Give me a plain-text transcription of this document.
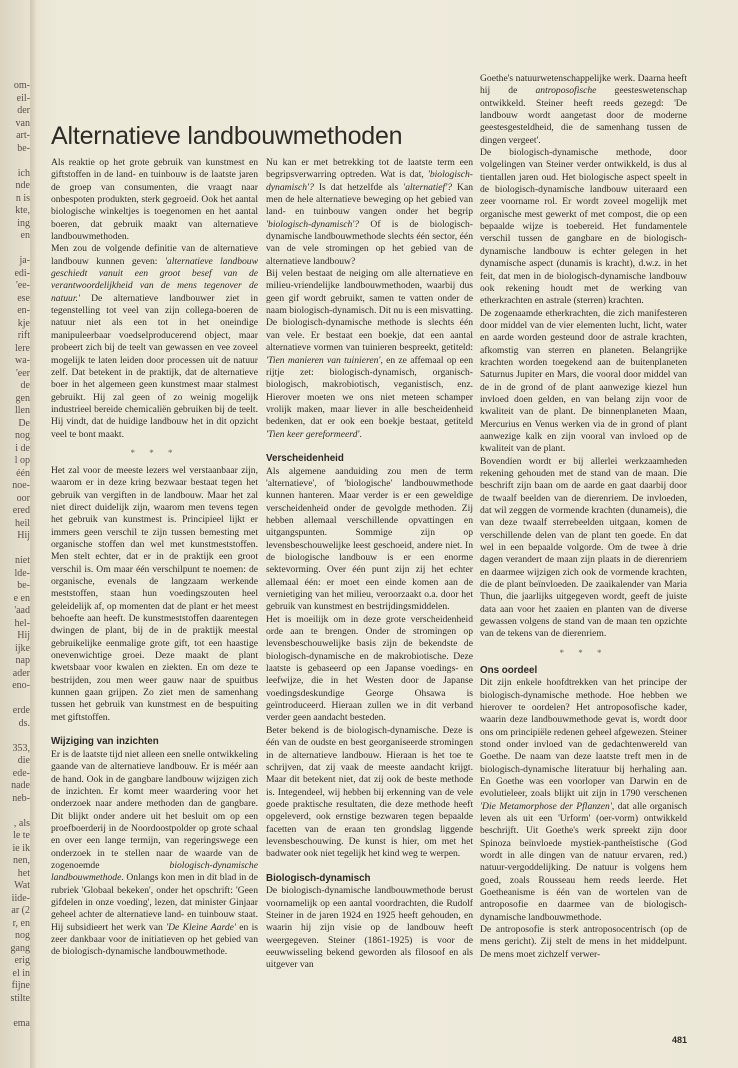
om-
eil-
der
van
art-
be-

ich
nde
n is
kte,
ing
en

ja-
edi-
'ee-
ese
en-
kje
rift
lere
wa-
'eer
de
gen
llen
De
nog
i de
l op
één
noe-
oor
ered
heil
Hij

niet
lde-
be-
e en
'aad
hel-
Hij
ijke
nap
ader
eno-

erde
ds.

353,
die
ede-
nade
neb-

, als
le te
ie ik
nen,
het
Wat
iide-
ar (2
r, en
nog
gang
erig
el in
fijne
stilte

ema
Alternatieve landbouwmethoden

Als reaktie op het grote gebruik van kunstmest en giftstoffen in de land- en tuinbouw is de laatste jaren de groep van consumenten, die vraagt naar onbespoten produkten, sterk gegroeid. Ook het aantal biologische winkeltjes is toegenomen en het aantal boeren, dat gebruik maakt van alternatieve landbouwmethoden.

Men zou de volgende definitie van de alternatieve landbouw kunnen geven: 'alternatieve landbouw geschiedt vanuit een groot besef van de verantwoordelijkheid van de mens tegenover de natuur.' De alternatieve landbouwer ziet in tegenstelling tot veel van zijn collega-boeren de natuur niet als een tot in het oneindige manipuleerbaar voedselproducerend object, maar probeert zich bij de teelt van gewassen en vee zoveel mogelijk te laten leiden door processen uit de natuur zelf. Dat betekent in de praktijk, dat de alternatieve boer in het algemeen geen kunstmest maar stalmest gebruikt. Hij zal geen of zo weinig mogelijk industrieel bereide chemicaliën gebruiken bij de teelt. Hij vindt, dat de huidige landbouw het in dit opzicht veel te bont maakt.

* * *

Het zal voor de meeste lezers wel verstaanbaar zijn, waarom er in deze kring bezwaar bestaat tegen het gebruik van vergiften in de landbouw. Maar het zal niet direct duidelijk zijn, waarom men tevens tegen het gebruik van kunstmest is. Principieel lijkt er immers geen verschil te zijn tussen bemesting met organische stoffen dan wel met kunstmeststoffen. Men stelt echter, dat er in de praktijk een groot verschil is. Om maar één verschilpunt te noemen: de organische, evenals de langzaam werkende meststoffen, staan hun voedingszouten heel geleidelijk af, op momenten dat de plant er het meest behoefte aan heeft. De kunstmeststoffen daarentegen dwingen de plant, bij de in de praktijk meestal gebruikelijke eenmalige grote gift, tot een haastige onevenwichtige groei. Deze maakt de plant kwetsbaar voor kwalen en ziekten. En om deze te bestrijden, zou men weer gauw naar de spuitbus kunnen gaan grijpen. Zo ziet men de samenhang tussen het gebruik van kunstmest en de bespuiting met giftstoffen.

Wijziging van inzichten

Er is de laatste tijd niet alleen een snelle ontwikkeling gaande van de alternatieve landbouw. Er is méér aan de hand. Ook in de gangbare landbouw wijzigen zich de inzichten. Er komt meer waardering voor het onderzoek naar andere methoden dan de gangbare. Dit blijkt onder andere uit het besluit om op een proefboerderij in de Noordoostpolder op grote schaal en over een lange termijn, van regeringswege een onderzoek in te stellen naar de waarde van de zogenoemde biologisch-dynamische landbouwmethode. Onlangs kon men in dit blad in de rubriek 'Globaal bekeken', onder het opschrift: 'Geen gifdelen in onze voeding', lezen, dat minister Ginjaar geheel achter de alternatieve land- en tuinbouw staat. Hij subsidieert het werk van 'De Kleine Aarde' en is zeer dankbaar voor de initiatieven op het gebied van de biologisch-dynamische landbouwmethode.

Nu kan er met betrekking tot de laatste term een begripsverwarring optreden. Wat is dat, 'biologisch-dynamisch'? Is dat hetzelfde als 'alternatief'? Kan men de hele alternatieve beweging op het gebied van land- en tuinbouw vangen onder het begrip 'biologisch-dynamisch'? Of is de biologisch-dynamische landbouwmethode slechts één sector, één van de vele stromingen op het gebied van de alternatieve landbouw?

Bij velen bestaat de neiging om alle alternatieve en milieu-vriendelijke landbouwmethoden, waarbij dus geen gif wordt gebruikt, samen te vatten onder de naam biologisch-dynamisch. Dit nu is een misvatting. De biologisch-dynamische methode is slechts één van vele. Er bestaat een boekje, dat een aantal alternatieve vormen van tuinieren bespreekt, getiteld: 'Tien manieren van tuinieren', en ze affemaal op een rijtje zet: biologisch-dynamisch, organisch-biologisch, makrobiotisch, veganistisch, enz. Hierover moeten we ons niet meteen schamper vrolijk maken, maar liever in alle bescheidenheid bedenken, dat er ook een boekje bestaat, getiteld 'Tien keer gereformeerd'.

Verscheidenheid

Als algemene aanduiding zou men de term 'alternatieve', of 'biologische' landbouwmethode kunnen hanteren. Maar verder is er een geweldige verscheidenheid onder de gevolgde methoden. Zij hebben allemaal verschillende opvattingen en uitgangspunten. Sommige zijn op levensbeschouwelijke leest geschoeid, andere niet. In de biologische landbouw is er een enorme sektevorming. Over één punt zijn zij het echter allemaal één: er moet een einde komen aan de vernietiging van het milieu, veroorzaakt o.a. door het gebruik van kunstmest en bestrijdingsmiddelen.

Het is moeilijk om in deze grote verscheidenheid orde aan te brengen. Onder de stromingen op levensbeschouwelijke basis zijn de bekendste de biologisch-dynamische en de makrobiotische. Deze laatste is gebaseerd op een Japanse voedings- en leefwijze, die in het Westen door de Japanse voedingsdeskundige George Ohsawa is geïntroduceerd. Hieraan zullen we in dit verband verder geen aandacht besteden.

Beter bekend is de biologisch-dynamische. Deze is één van de oudste en best georganiseerde stromingen in de alternatieve landbouw. Hieraan is het toe te schrijven, dat zij vaak de meeste aandacht krijgt. Maar dit betekent niet, dat zij ook de beste methode is. Integendeel, wij hebben bij erkenning van de vele goede praktische resultaten, die deze methode heeft opgeleverd, ook ernstige bezwaren tegen bepaalde facetten van de eraan ten grondslag liggende levensbeschouwing. De kunst is hier, om met het badwater ook niet tegelijk het kind weg te werpen.

Biologisch-dynamisch

De biologisch-dynamische landbouwmethode berust voornamelijk op een aantal voordrachten, die Rudolf Steiner in de jaren 1924 en 1925 heeft gehouden, en waarin hij zijn visie op de landbouw heeft weergegeven. Steiner (1861-1925) is voor de eeuwwisseling bekend geworden als filosoof en als uitgever van

Goethe's natuurwetenschappelijke werk. Daarna heeft hij de antroposofische geesteswetenschap ontwikkeld. Steiner heeft reeds gezegd: 'De landbouw wordt aangetast door de moderne geestesgesteldheid, die de samenhang tussen de dingen vergeet'.

De biologisch-dynamische methode, door volgelingen van Steiner verder ontwikkeld, is dus al tientallen jaren oud. Het biologische aspect speelt in de biologisch-dynamische landbouw uiteraard een zeer voorname rol. Er wordt zoveel mogelijk met organische mest gewerkt of met compost, die op een bepaalde wijze is toebereid. Het fundamentele verschil tussen de gangbare en de biologisch-dynamische landbouw is echter gelegen in het dynamische aspect (dunamis is kracht), d.w.z. in het feit, dat men in de biologisch-dynamische landbouw ook rekening houdt met de werking van etherkrachten en astrale (sterren) krachten.

De zogenaamde etherkrachten, die zich manifesteren door middel van de vier elementen lucht, licht, water en aarde worden gesteund door de astrale krachten, afkomstig van sterren en planeten. Belangrijke krachten worden toegekend aan de buitenplaneten Saturnus Jupiter en Mars, die vooral door middel van de in de grond of de plant aanwezige kiezel hun invloed doen gelden, en van belang zijn voor de kwaliteit van de plant. De binnenplaneten Maan, Mercurius en Venus werken via de in grond of plant aanwezige kalk en zijn vooral van invloed op de kwaliteit van de plant.

Bovendien wordt er bij allerlei werkzaamheden rekening gehouden met de stand van de maan. Die beschrift zijn baan om de aarde en gaat daarbij door de twaalf beelden van de dierenriem. De invloeden, dat wil zeggen de vormende krachten (dunameis), die van deze twaalf sterrebeelden uitgaan, komen de verschillende delen van de plant ten goede. En dat wel in een bepaalde volgorde. Om de twee à drie dagen verandert de maan zijn plaats in de dierenriem en daarmee wijzigen zich ook de vormende krachten, die de plant beïnvloeden. De zaaikalender van Maria Thun, die jaarlijks uitgegeven wordt, geeft de juiste data aan voor het zaaien en planten van de diverse gewassen volgens de stand van de maan ten opzichte van de tekens van de dierenriem.

* * *
Ons oordeel

Dit zijn enkele hoofdtrekken van het principe der biologisch-dynamische methode. Hoe hebben we hierover te oordelen? Het antroposofische kader, waarin deze landbouwmethode gevat is, wordt door ons om principiële redenen geheel afgewezen. Steiner stond onder invloed van de gedachtenwereld van Goethe. De naam van deze laatste treft men in de biologisch-dynamische literatuur bij herhaling aan. En Goethe was een voorloper van Darwin en de evolutieleer, zoals blijkt uit zijn in 1790 verschenen 'Die Metamorphose der Pflanzen', dat alle organisch leven als uit een 'Urform' (oer-vorm) ontwikkeld beschrijft. Uit Goethe's werk spreekt zijn door Spinoza beïnvloede mystiek-pantheïstische (God wordt in alle dingen van de natuur ervaren, red.) natuur-vergoddelijking. De natuur is volgens hem goed, zoals Rousseau hem reeds leerde. Het Goetheanisme is één van de wortelen van de antroposofie en daarmee van de biologisch-dynamische landbouwmethode.

De antroposofie is sterk antroposocentrisch (op de mens gericht). Zij stelt de mens in het middelpunt. De mens moet zichzelf verwer-

481
